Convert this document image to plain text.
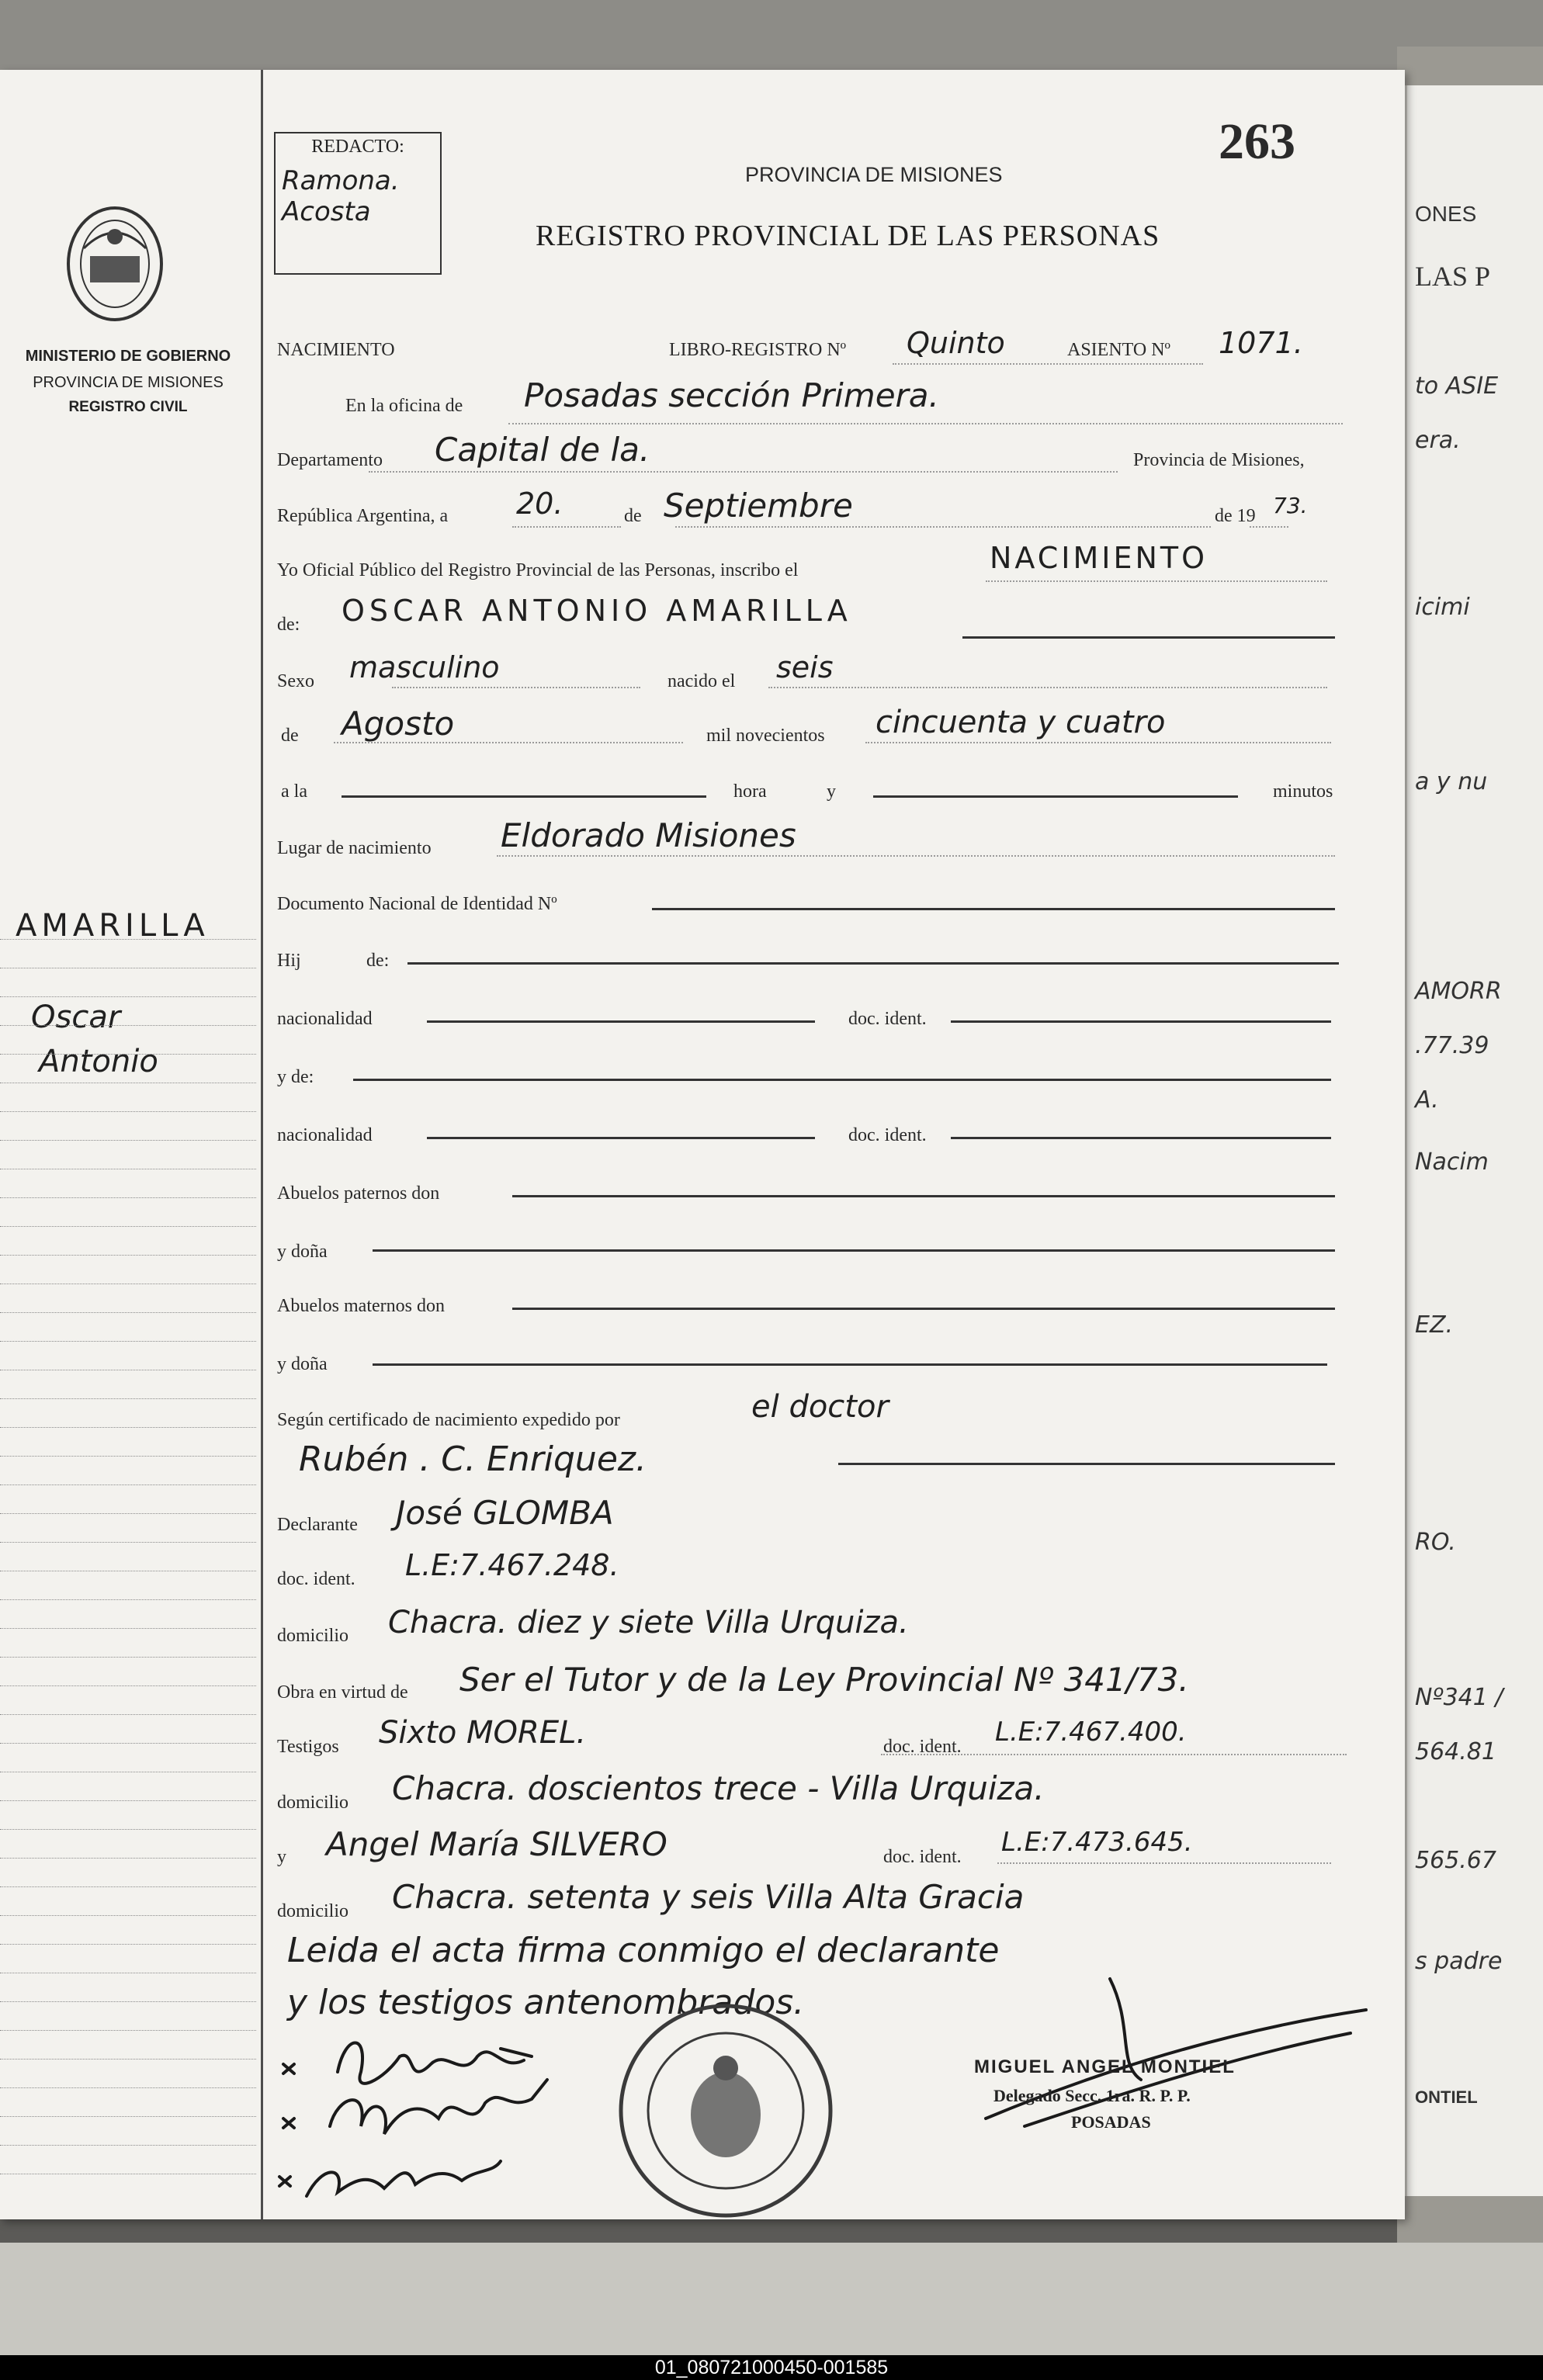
ONES
LAS P
to ASIE
era.
icimi
a y nu
AMORR
.77.39
A.
Nacim
EZ.
RO.
Nº341 /
564.81
565.67
s padre
ONTIEL
MINISTERIO DE GOBIERNO
PROVINCIA DE MISIONES
REGISTRO CIVIL
AMARILLA
Oscar
Antonio
REDACTO:
Ramona.
Acosta
263
PROVINCIA DE MISIONES
REGISTRO PROVINCIAL DE LAS PERSONAS
NACIMIENTO	LIBRO-REGISTRO Nº Quinto	ASIENTO Nº 1071.
En la oficina de Posadas sección Primera.
Departamento Capital de la.	Provincia de Misiones,
República Argentina, a 20.	de Septiembre	de 19 73.
Yo Oficial Público del Registro Provincial de las Personas, inscribo el	NACIMIENTO
de: OSCAR ANTONIO AMARILLA
Sexo masculino	nacido el seis
de Agosto	mil novecientos cincuenta y cuatro
a la	hora	y	minutos
Lugar de nacimiento Eldorado Misiones
Documento Nacional de Identidad Nº
Hij	de:
nacionalidad	doc. ident.
y de:
nacionalidad	doc. ident.
Abuelos paternos don
y doña
Abuelos maternos don
y doña
Según certificado de nacimiento expedido por	el doctor
Rubén . C. Enriquez.
Declarante José GLOMBA
doc. ident. L.E:7.467.248.
domicilio Chacra. diez y siete Villa Urquiza.
Obra en virtud de Ser el Tutor y de la Ley Provincial Nº 341/73.
Testigos Sixto MOREL.	doc. ident. L.E:7.467.400.
domicilio Chacra. doscientos trece - Villa Urquiza.
y Angel María SILVERO	doc. ident. L.E:7.473.645.
domicilio Chacra. setenta y seis Villa Alta Gracia
Leida el acta firma conmigo el declarante
y los testigos antenombrados.
MIGUEL ANGEL MONTIEL
Delegado Secc. 1ra. R. P. P.
POSADAS
01_080721000450-001585
